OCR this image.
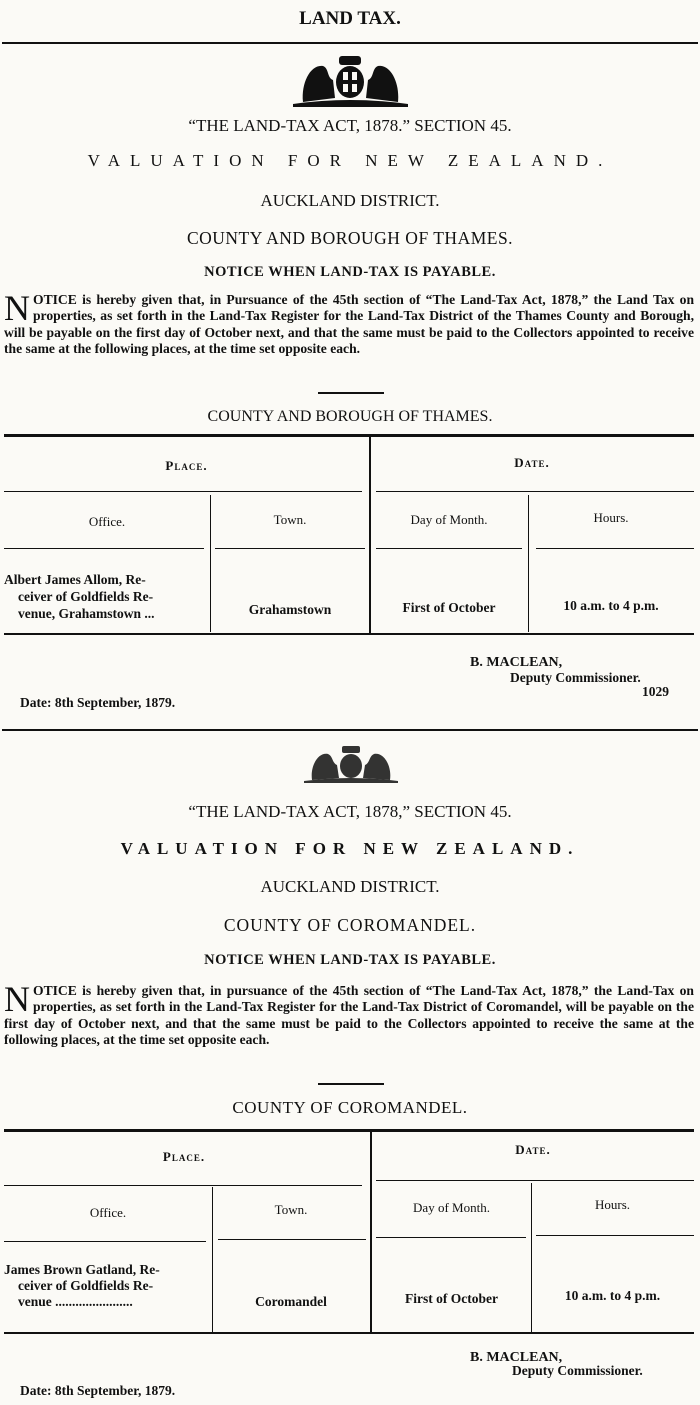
LAND TAX.
“THE LAND-TAX ACT, 1878.” SECTION 45.
VALUATION FOR NEW ZEALAND.
AUCKLAND DISTRICT.
COUNTY AND BOROUGH OF THAMES.
NOTICE WHEN LAND-TAX IS PAYABLE.
NOTICE is hereby given that, in Pursuance of the 45th section of “The Land-Tax Act, 1878,” the Land Tax on properties, as set forth in the Land-Tax Register for the Land-Tax District of the Thames County and Borough, will be payable on the first day of October next, and that the same must be paid to the Collectors appointed to receive the same at the following places, at the time set opposite each.
COUNTY AND BOROUGH OF THAMES.
Place.	Date.
Office.	Town.	Day of Month.	Hours.
Albert James Allom, Re-
ceiver of Goldfields Re-
venue, Grahamstown ...	Grahamstown	First of October	10 a.m. to 4 p.m.
B. MACLEAN,
Deputy Commissioner.
1029
Date: 8th September, 1879.
“THE LAND-TAX ACT, 1878,” SECTION 45.
VALUATION FOR NEW ZEALAND.
AUCKLAND DISTRICT.
COUNTY OF COROMANDEL.
NOTICE WHEN LAND-TAX IS PAYABLE.
NOTICE is hereby given that, in pursuance of the 45th section of “The Land-Tax Act, 1878,” the Land-Tax on properties, as set forth in the Land-Tax Register for the Land-Tax District of Coromandel, will be payable on the first day of October next, and that the same must be paid to the Collectors appointed to receive the same at the following places, at the time set opposite each.
COUNTY OF COROMANDEL.
Place.	Date.
Office.	Town.	Day of Month.	Hours.
James Brown Gatland, Re-
ceiver of Goldfields Re-
venue .......................	Coromandel	First of October	10 a.m. to 4 p.m.
B. MACLEAN,
Deputy Commissioner.
Date: 8th September, 1879.
